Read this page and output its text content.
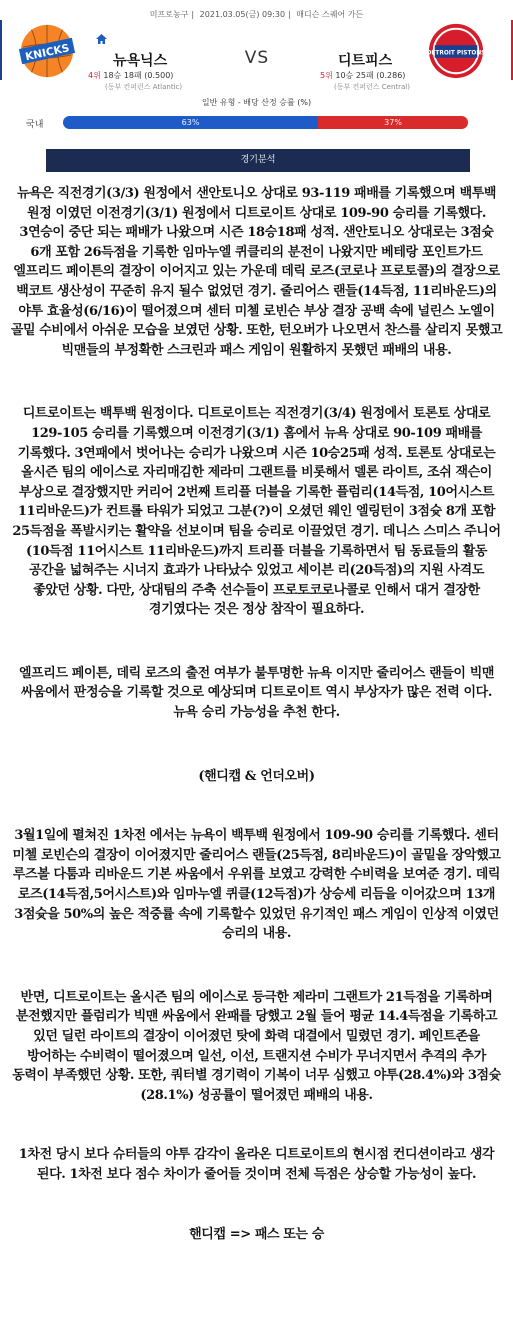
미프로농구 | 2021.03.05(금) 09:30 | 매디슨 스퀘어 가든
KNICKS	뉴욕닉스
4위 18승 18패 (0.500)
(동부 컨퍼런스 Atlantic)
VS	디트피스
5위 10승 25패 (0.286)
(동부 컨퍼런스 Central)
DETROIT PISTONS
일반 유형 - 배당 산정 승률 (%)
국내	63%	37%
경기분석

뉴욕은 직전경기(3/3) 원정에서 샌안토니오 상대로 93-119 패배를 기록했으며 백투백 원정 이였던 이전경기(3/1) 원정에서 디트로이트 상대로 109-90 승리를 기록했다. 3연승이 중단 되는 패배가 나왔으며 시즌 18승18패 성적. 샌안토니오 상대로는 3점슛 6개 포함 26득점을 기록한 임마누엘 퀴클리의 분전이 나왔지만 베테랑 포인트가드 엘프리드 페이튼의 결장이 이어지고 있는 가운데 데릭 로즈(코로나 프로토콜)의 결장으로 백코트 생산성이 꾸준히 유지 될수 없었던 경기. 줄리어스 랜들(14득점, 11리바운드)의 야투 효율성(6/16)이 떨어졌으며 센터 미첼 로빈슨 부상 결장 공백 속에 널린스 노엘이 골밑 수비에서 아쉬운 모습을 보였던 상황. 또한, 턴오버가 나오면서 찬스를 살리지 못했고 빅맨들의 부정확한 스크린과 패스 게임이 원활하지 못했던 패배의 내용.

디트로이트는 백투백 원정이다. 디트로이트는 직전경기(3/4) 원정에서 토론토 상대로 129-105 승리를 기록했으며 이전경기(3/1) 홈에서 뉴욕 상대로 90-109 패배를 기록했다. 3연패에서 벗어나는 승리가 나왔으며 시즌 10승25패 성적. 토론토 상대로는 올시즌 팀의 에이스로 자리매김한 제라미 그랜트를 비롯해서 델론 라이트, 조쉬 잭슨이 부상으로 결장했지만 커리어 2번째 트리플 더블을 기록한 플럼리(14득점, 10어시스트 11리바운드)가 컨트롤 타워가 되었고 그분(?)이 오셨던 웨인 엘링턴이 3점슛 8개 포함 25득점을 폭발시키는 활약을 선보이며 팀을 승리로 이끌었던 경기. 데니스 스미스 주니어(10득점 11어시스트 11리바운드)까지 트리플 더블을 기록하면서 팀 동료들의 활동 공간을 넓혀주는 시너지 효과가 나타났수 있었고 세이븐 리(20득점)의 지원 사격도 좋았던 상황. 다만, 상대팀의 주축 선수들이 프로토코로나콜로 인해서 대거 결장한 경기였다는 것은 정상 참작이 필요하다.

엘프리드 페이튼, 데릭 로즈의 출전 여부가 불투명한 뉴욕 이지만 줄리어스 랜들이 빅맨 싸움에서 판정승을 기록할 것으로 예상되며 디트로이트 역시 부상자가 많은 전력 이다. 뉴욕 승리 가능성을 추천 한다.

(핸디캡 & 언더오버)

3월1일에 펼쳐진 1차전 에서는 뉴욕이 백투백 원정에서 109-90 승리를 기록했다. 센터 미첼 로빈슨의 결장이 이어졌지만 줄리어스 랜들(25득점, 8리바운드)이 골밑을 장악했고 루즈볼 다툼과 리바운드 기본 싸움에서 우위를 보였고 강력한 수비력을 보여준 경기. 데릭 로즈(14득점,5어시스트)와 임마누엘 퀴클(12득점)가 상승세 리듬을 이어갔으며 13개 3점슛을 50%의 높은 적중률 속에 기록할수 있었던 유기적인 패스 게임이 인상적 이였던 승리의 내용.

반면, 디트로이트는 올시즌 팀의 에이스로 등극한 제라미 그랜트가 21득점을 기록하며 분전했지만 플럼리가 빅맨 싸움에서 완패를 당했고 2월 들어 평균 14.4득점을 기록하고 있던 딜런 라이트의 결장이 이어졌던 탓에 화력 대결에서 밀렸던 경기. 페인트존을 방어하는 수비력이 떨어졌으며 일선, 이선, 트랜지션 수비가 무너지면서 추격의 추가 동력이 부족했던 상황. 또한, 쿼터별 경기력이 기복이 너무 심했고 야투(28.4%)와 3점슛(28.1%) 성공률이 떨어졌던 패배의 내용.

1차전 당시 보다 슈터들의 야투 감각이 올라온 디트로이트의 현시점 컨디션이라고 생각 된다. 1차전 보다 점수 차이가 줄어들 것이며 전체 득점은 상승할 가능성이 높다.

핸디캡 => 패스 또는 승
